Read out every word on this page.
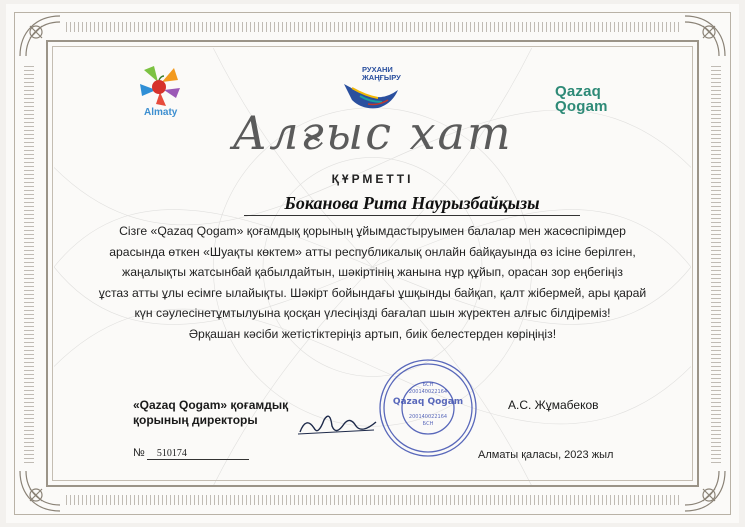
Almaty
РУХАНИ
ЖАҢҒЫРУ
Qazaq
Qogam
Алғыс хат
ҚҰРМЕТТІ
Боканова Рита Наурызбайқызы

Сізге «Qazaq Qogam» қоғамдық қорының ұйымдастыруымен балалар мен жасөспірімдер

арасында өткен «Шуақты көктем» атты республикалық онлайн байқауында өз ісіне берілген,

жаңалықты жатсынбай қабылдайтын, шәкіртінің жанына нұр құйып, орасан зор еңбегіңіз

ұстаз атты ұлы есімге ылайықты. Шәкірт бойындағы ұшқынды байқап, қалт жібермей, ары қарай

күн сәулесінетұмтылуына қосқан үлесіңізді бағалап шын жүректен алғыс білдіреміз!

Әрқашан кәсіби жетістіктеріңіз артып, биік белестерден көріңіңіз!

«Qazaq Qogam» қоғамдық
қорының директоры
Qazaq Qogam
БСН
200140022164
200140022164
БСН
А.С. Жұмабеков
№ 510174	Алматы қаласы, 2023 жыл
